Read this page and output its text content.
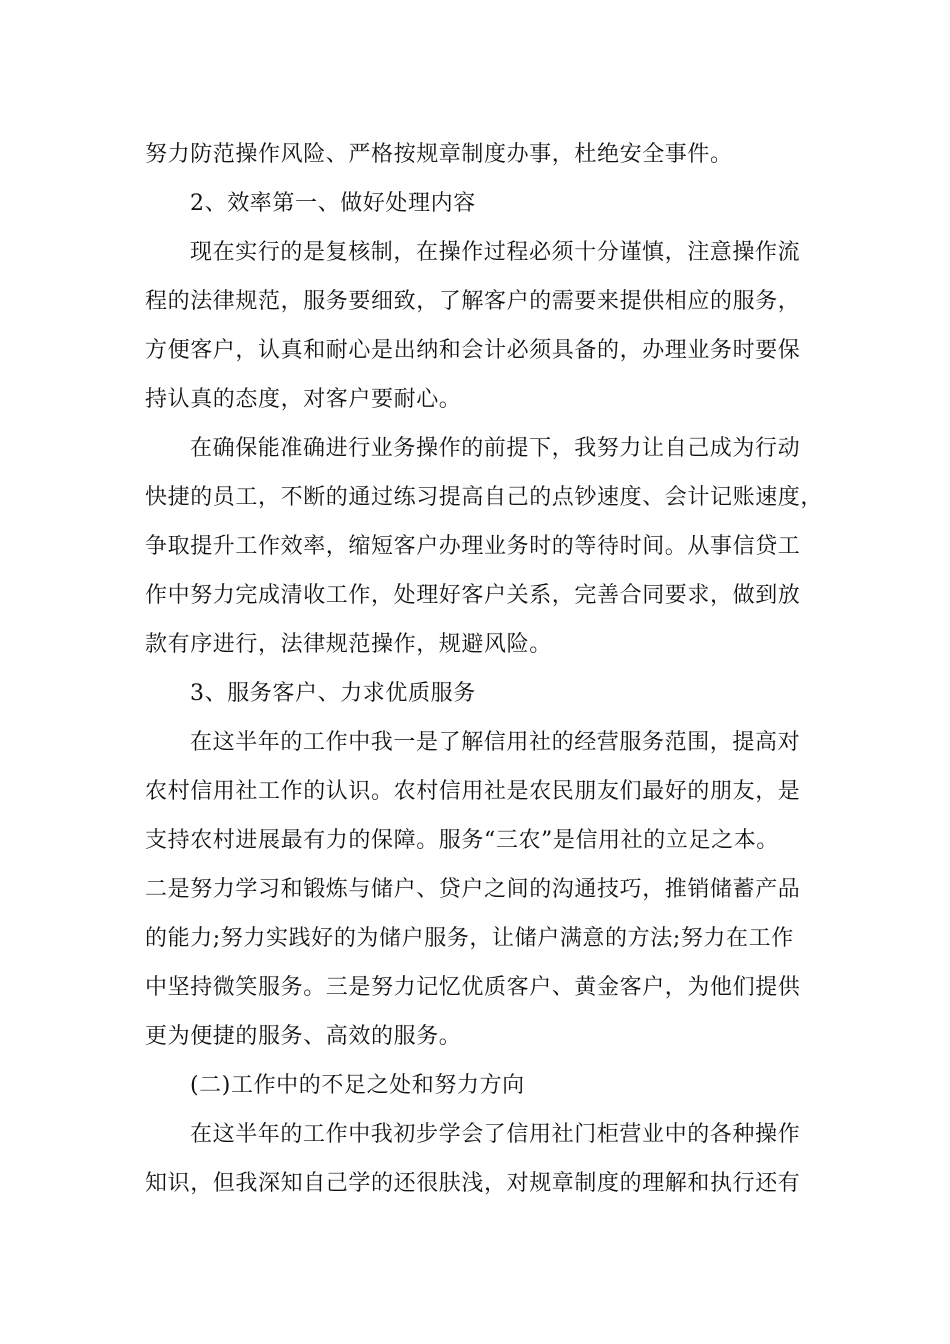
努力防范操作风险、严格按规章制度办事，杜绝安全事件。
2、效率第一、做好处理内容
现在实行的是复核制，在操作过程必须十分谨慎，注意操作流
程的法律规范，服务要细致，了解客户的需要来提供相应的服务，
方便客户，认真和耐心是出纳和会计必须具备的，办理业务时要保
持认真的态度，对客户要耐心。
在确保能准确进行业务操作的前提下，我努力让自己成为行动
快捷的员工，不断的通过练习提高自己的点钞速度、会计记账速度，
争取提升工作效率，缩短客户办理业务时的等待时间。从事信贷工
作中努力完成清收工作，处理好客户关系，完善合同要求，做到放
款有序进行，法律规范操作，规避风险。
3、服务客户、力求优质服务
在这半年的工作中我一是了解信用社的经营服务范围，提高对
农村信用社工作的认识。农村信用社是农民朋友们最好的朋友，是
支持农村进展最有力的保障。服务“三农”是信用社的立足之本。
二是努力学习和锻炼与储户、贷户之间的沟通技巧，推销储蓄产品
的能力;努力实践好的为储户服务，让储户满意的方法;努力在工作
中坚持微笑服务。三是努力记忆优质客户、黄金客户，为他们提供
更为便捷的服务、高效的服务。
(二)工作中的不足之处和努力方向
在这半年的工作中我初步学会了信用社门柜营业中的各种操作
知识，但我深知自己学的还很肤浅，对规章制度的理解和执行还有
